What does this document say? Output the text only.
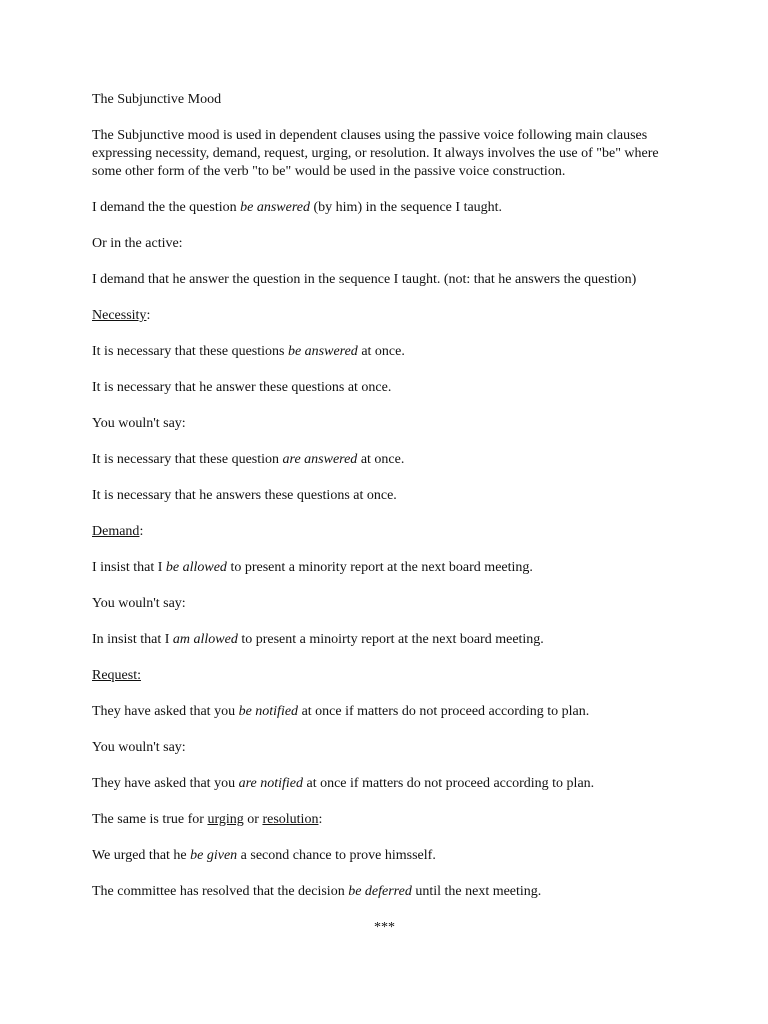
The Subjunctive Mood

The Subjunctive mood is used in dependent clauses using the passive voice following main clauses expressing necessity, demand, request, urging, or resolution. It always involves the use of "be" where some other form of the verb "to be" would be used in the passive voice construction.

I demand the the question be answered (by him) in the sequence I taught.

Or in the active:

I demand that he answer the question in the sequence I taught. (not: that he answers the question)

Necessity:

It is necessary that these questions be answered at once.

It is necessary that he answer these questions at once.

You wouln't say:

It is necessary that these question are answered at once.

It is necessary that he answers these questions at once.

Demand:

I insist that I be allowed to present a minority report at the next board meeting.

You wouln't say:

In insist that I am allowed to present a minoirty report at the next board meeting.

Request:

They have asked that you be notified at once if matters do not proceed according to plan.

You wouln't say:

They have asked that you are notified at once if matters do not proceed according to plan.

The same is true for urging or resolution:

We urged that he be given a second chance to prove himsself.

The committee has resolved that the decision be deferred until the next meeting.

***
